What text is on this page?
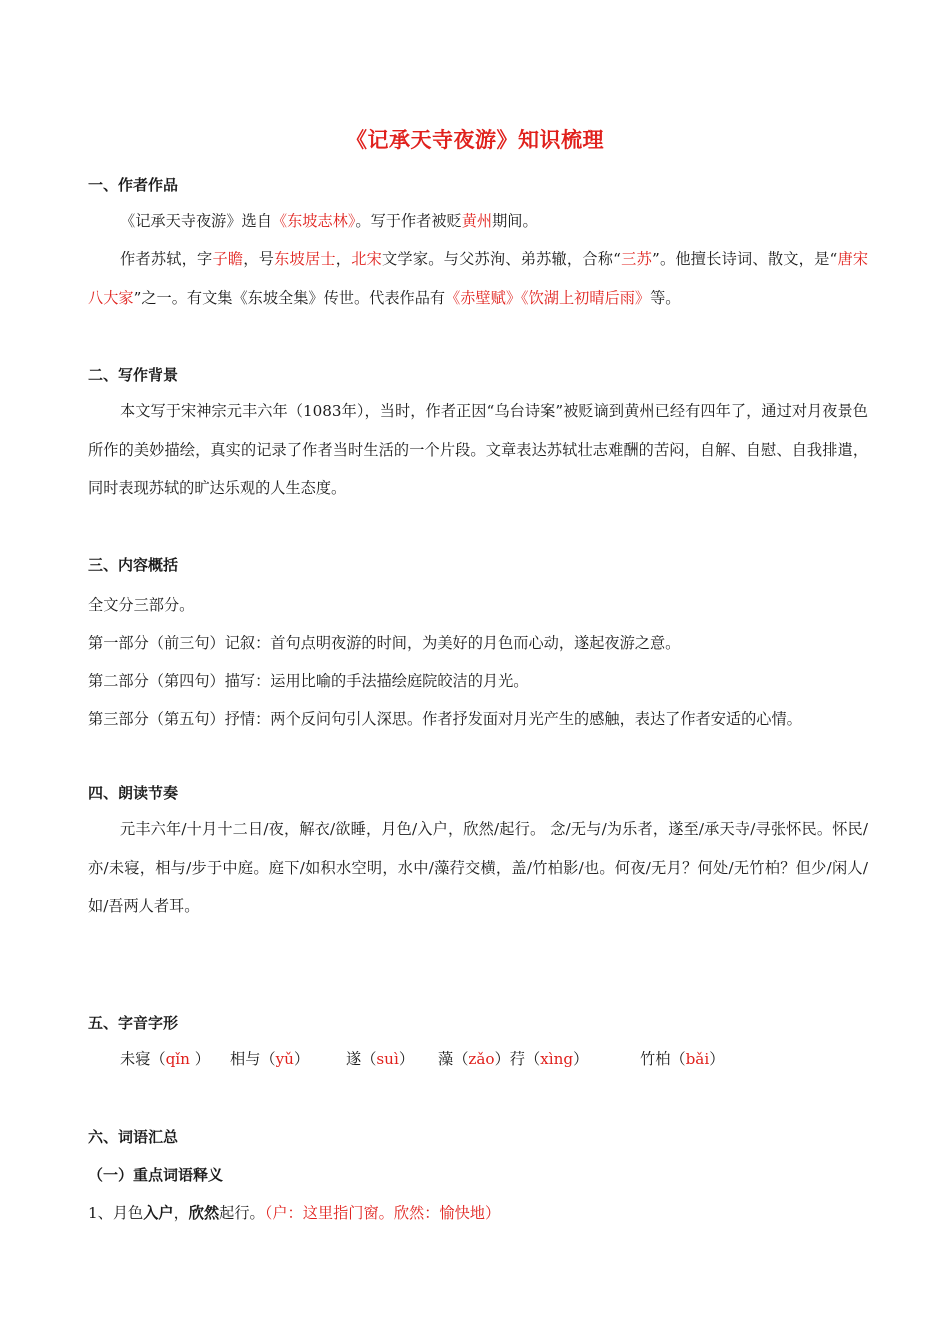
《记承天寺夜游》知识梳理
一、作者作品
《记承天寺夜游》选自《东坡志林》。写于作者被贬黄州期间。
作者苏轼，字子瞻，号东坡居士，北宋文学家。与父苏洵、弟苏辙，合称“三苏”。他擅长诗词、散文，是“唐宋八大家”之一。有文集《东坡全集》传世。代表作品有《赤壁赋》《饮湖上初晴后雨》等。
二、写作背景
本文写于宋神宗元丰六年（1083年），当时，作者正因“乌台诗案”被贬谪到黄州已经有四年了，通过对月夜景色所作的美妙描绘，真实的记录了作者当时生活的一个片段。文章表达苏轼壮志难酬的苦闷，自解、自慰、自我排遣，同时表现苏轼的旷达乐观的人生态度。
三、内容概括
全文分三部分。
第一部分（前三句）记叙：首句点明夜游的时间，为美好的月色而心动，遂起夜游之意。
第二部分（第四句）描写：运用比喻的手法描绘庭院皎洁的月光。
第三部分（第五句）抒情：两个反问句引人深思。作者抒发面对月光产生的感触，表达了作者安适的心情。
四、朗读节奏
元丰六年/十月十二日/夜，解衣/欲睡，月色/入户，欣然/起行。 念/无与/为乐者，遂至/承天寺/寻张怀民。怀民/亦/未寝，相与/步于中庭。庭下/如积水空明，水中/藻荇交横，盖/竹柏影/也。何夜/无月？何处/无竹柏？但少/闲人/如/吾两人者耳。
五、字音字形
未寝（qǐn ） 相与（yǔ） 遂（suì） 藻（zǎo）荇（xìng）	竹柏（bǎi）
六、词语汇总
（一）重点词语释义
1、月色入户，欣然起行。（户：这里指门窗。欣然：愉快地）
